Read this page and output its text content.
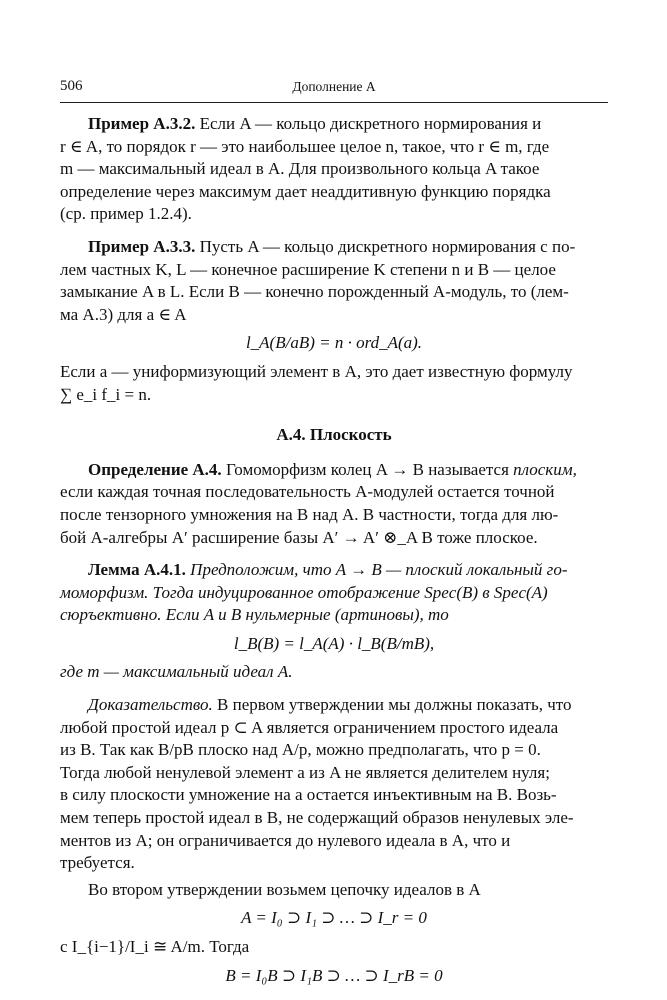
506	Дополнение A

Пример A.3.2. Если A — кольцо дискретного нормирования и

r ∈ A, то порядок r — это наибольшее целое n, такое, что r ∈ m, где

m — максимальный идеал в A. Для произвольного кольца A такое

определение через максимум дает неаддитивную функцию порядка

(ср. пример 1.2.4).

Пример A.3.3. Пусть A — кольцо дискретного нормирования с по-

лем частных K, L — конечное расширение K степени n и B — целое

замыкание A в L. Если B — конечно порожденный A-модуль, то (лем-

ма A.3) для a ∈ A

l_A(B/aB) = n · ord_A(a).

Если a — униформизующий элемент в A, это дает известную формулу

∑ e_i f_i = n.

A.4. Плоскость

Определение A.4. Гомоморфизм колец A → B называется плоским,

если каждая точная последовательность A-модулей остается точной

после тензорного умножения на B над A. В частности, тогда для лю-

бой A-алгебры A′ расширение базы A′ → A′ ⊗_A B тоже плоское.

Лемма A.4.1. Предположим, что A → B — плоский локальный го-

моморфизм. Тогда индуцированное отображение Spec(B) в Spec(A)

сюръективно. Если A и B нульмерные (артиновы), то

l_B(B) = l_A(A) · l_B(B/mB),

где m — максимальный идеал A.

Доказательство. В первом утверждении мы должны показать, что

любой простой идеал p ⊂ A является ограничением простого идеала

из B. Так как B/pB плоско над A/p, можно предполагать, что p = 0.

Тогда любой ненулевой элемент a из A не является делителем нуля;

в силу плоскости умножение на a остается инъективным на B. Возь-

мем теперь простой идеал в B, не содержащий образов ненулевых эле-

ментов из A; он ограничивается до нулевого идеала в A, что и

требуется.

Во втором утверждении возьмем цепочку идеалов в A

A = I₀ ⊃ I₁ ⊃ … ⊃ I_r = 0

с I_{i−1}/I_i ≅ A/m. Тогда

B = I₀B ⊃ I₁B ⊃ … ⊃ I_rB = 0
